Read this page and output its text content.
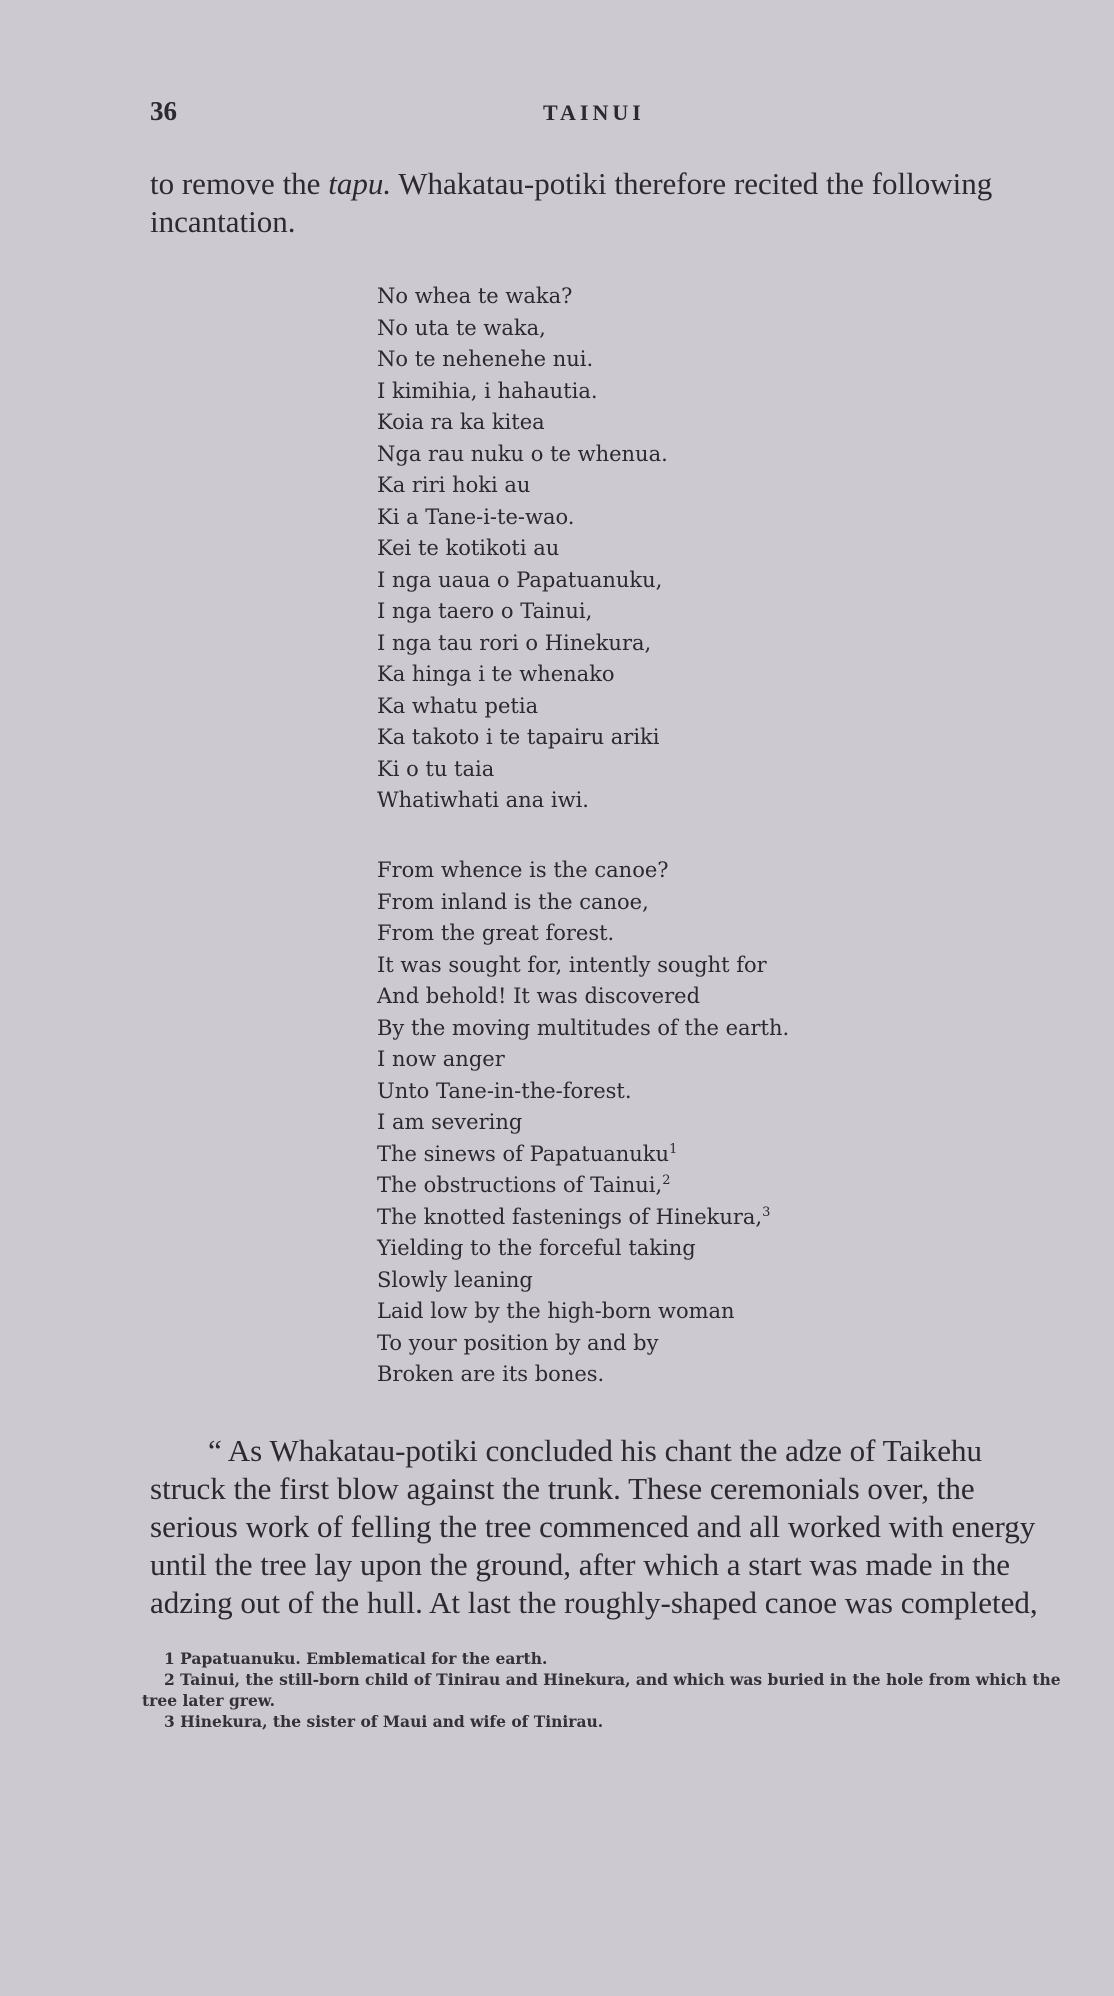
36	TAINUI

to remove the tapu. Whakatau-potiki therefore recited the following incantation.

No whea te waka?
No uta te waka,
No te nehenehe nui.
I kimihia, i hahautia.
Koia ra ka kitea
Nga rau nuku o te whenua.
Ka riri hoki au
Ki a Tane-i-te-wao.
Kei te kotikoti au
I nga uaua o Papatuanuku,
I nga taero o Tainui,
I nga tau rori o Hinekura,
Ka hinga i te whenako
Ka whatu petia
Ka takoto i te tapairu ariki
Ki o tu taia
Whatiwhati ana iwi.
From whence is the canoe?
From inland is the canoe,
From the great forest.
It was sought for, intently sought for
And behold! It was discovered
By the moving multitudes of the earth.
I now anger
Unto Tane-in-the-forest.
I am severing
The sinews of Papatuanuku$^1$
The obstructions of Tainui,$^2$
The knotted fastenings of Hinekura,$^3$
Yielding to the forceful taking
Slowly leaning
Laid low by the high-born woman
To your position by and by
Broken are its bones.

“ As Whakatau-potiki concluded his chant the adze of Taikehu struck the first blow against the trunk. These ceremonials over, the serious work of felling the tree commenced and all worked with energy until the tree lay upon the ground, after which a start was made in the adzing out of the hull. At last the roughly-shaped canoe was completed,

1 Papatuanuku. Emblematical for the earth.

2 Tainui, the still-born child of Tinirau and Hinekura, and which was buried in the hole from which the tree later grew.

3 Hinekura, the sister of Maui and wife of Tinirau.
